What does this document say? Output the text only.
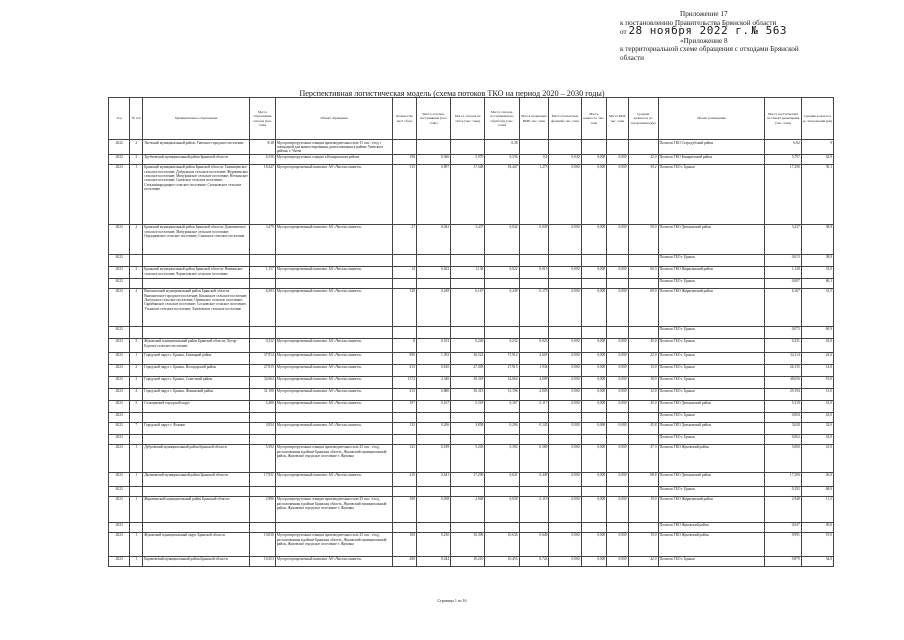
Приложение 17
к постановлению Правительства Брянской области
от 28 ноября 2022 г. № 563
«Приложение 8
к территориальной схеме обращения с отходами Брянской
области
Перспективная логистическая модель (схема потоков ТКО на период 2020 – 2030 годы)
Год	№ п/п	Муниципальное образование	Масса образования отходов (тыс. тонн)	Объект обращения	Количество мест сбора	Масса отходов, поступившая (тыс. тонн)	Масса отходов на отбор (тыс. тонн)	Масса отходов, поступившая на обработку (тыс. тонн)	Масса вторичных ВМР, тыс. тонн	Масса балластных фракций, тыс. тонн	Масса компоста, тыс. тонн	Масса RDF, тыс. тонн	Средняя дальность до захоронения (км)	Объект размещения	Масса поступающих на объект размещения (тыс. тонн)	Средняя дальность до захоронения (км)
2022	2	Унечский муниципальный район, Унечское городское поселение	8,38	Мусороперегрузочная станция производительностью 15 тыс. т/год с площадкой для компостирования, расположенная в районе Унечского района, г. Унеча				8,38						Полигон ТКО Стародубский район	6,82	9
2022	3	Трубчевский муниципальный район Брянской области	6,336	Мусороперегрузочная станция в Комаричском районе	196	0,366	5,970	0,336	0,4	0,040	0,000	0,000	42,0	Полигон ТКО Комаричский район	5,797	62,9
2023	1	Брянский муниципальный район Брянской области: Глинищевское сельское поселение; Добрунское сельское поселение; Журиничское сельское поселение; Мичуринское сельское поселение; Нетьинское сельское поселение; Снежское сельское поселение; Стекляннорадицкое сельское поселение; Супоневское сельское поселение	18,447	Мусоросортировочный комплекс АО «Чистая планета»	315	0,897	17,548	18,447	1,275	0,000	0,000	0,000	39,2	Полигон ТБО г. Брянск	17,290	39,1
2023	2	Брянский муниципальный район Брянской области: Домашовское сельское поселение; Мичуринское сельское поселение; Отрадненское сельское поселение; Снежское сельское поселение	3,479	Мусоросортировочный комплекс АО «Чистая планета»	27	0,042	3,437	0,042	0,039	0,000	0,000	0,000	50,0	Полигон ТКО Дятьковский район	3,437	38,8
2023														Полигон ТБО г. Брянск	0,013	38,8
2023	3	Брянский муниципальный район Брянской области: Навлинское сельское поселение; Чернетовское сельское поселение	1,157	Мусоросортировочный комплекс АО «Чистая планета»	14	0,022	1,136	0,022	0,015	0,000	0,000	0,000	60,3	Полигон ТКО Жирятинский район	1,128	33,0
2023														Полигон ТБО г. Брянск	0,007	60,1
2023	4	Выгоничский муниципальный район Брянской области: Выгоничское городское поселение; Кокинское сельское поселение; Лопушское сельское поселение; Орменское сельское поселение; Скрябинское сельское поселение; Сосновское сельское поселение; Утынское сельское поселение; Хмелевское сельское поселение	6,393	Мусоросортировочный комплекс АО «Чистая планета»	129	0,249	6,167	0,249	0,175	0,000	0,000	0,000	60,9	Полигон ТКО Жирятинский район	6,167	31,5
2023														Полигон ТБО г. Брянск	0,075	60,9
2023	5	Жуковский муниципальный район Брянской области, Хутор-Борское сельское поселение	0,232	Мусоросортировочный комплекс АО «Чистая планета»	8	0,013	0,240	0,232	0,023	0,000	0,000	0,000	45,0	Полигон ТБО г. Брянск	0,231	45,0
2023	1	Городской округ г. Брянск, Бежицкий район	37,914	Мусоросортировочный комплекс АО «Чистая планета»	890	1,392	36,522	37,914	2,601	0,000	0,000	0,000	22,0	Полигон ТБО г. Брянск	34,114	24,0
2023	2	Городской округ г. Брянск, Володарский район	27,915	Мусоросортировочный комплекс АО «Чистая планета»	415	0,610	27,305	27,915	1,934	0,000	0,000	0,000	13,0	Полигон ТБО г. Брянск	26,135	14,0
2023	3	Городской округ г. Брянск, Советский район	32,664	Мусоросортировочный комплекс АО «Чистая планета»	1372	2,346	30,318	32,664	4,009	0,000	0,000	0,000	18,0	Полигон ТБО г. Брянск	48,656	19,0
2023	4	Городской округ г. Брянск, Фокинский район	31,196	Мусоросортировочный комплекс АО «Чистая планета»	415	0,880	30,315	31,196	2,003	0,000	0,000	0,000	12,0	Полигон ТБО г. Брянск	29,194	13,0
2023	5	Сельцовский городской округ	5,486	Мусоросортировочный комплекс АО «Чистая планета»	107	0,167	5,318	0,167	0,117	0,000	0,000	0,000	45,0	Полигон ТКО Дятьковский район	5,318	31,0
2023														Полигон ТБО г. Брянск	0,004	43,0
2023	7	Городской округ г. Фокино	3,834	Мусоросортировочный комплекс АО «Чистая планета»	132	0,206	3,858	0,296	0,145	0,000	0,000	0,000	45,8	Полигон ТКО Дятьковский район	3,628	32,0
2023														Полигон ТБО г. Брянск	0,062	43,0
2023	1	Дубровский муниципальный район Брянской области	5,392	Мусороперегрузочная станция производительностью 25 тыс. т/год, расположенная в районе Брянская область, Жуковский муниципальный район, Жуковское городское поселение г. Жуковка	121	0,189	5,203	5,392	0,369	0,000	0,000	0,000	47,3	Полигон ТКО Жуковский район	5,000	41,0
2023	1	Дятьковский муниципальный район Брянской области	17,931	Мусоросортировочный комплекс АО «Чистая планета»	410	0,641	17,290	0,641	0,449	0,000	0,000	0,000	68,8	Полигон ТКО Дятьковский район	17,290	26,0
2023														Полигон ТБО г. Брянск	0,192	68,0
2023	1	Жирятинский муниципальный район Брянской области	2,986	Мусороперегрузочная станция производительностью 25 тыс. т/год, расположенная в районе Брянская область, Жуковский муниципальный район, Жуковское городское поселение г. Жуковка	100	0,038	2,948	0,038	0,119	0,000	0,000	0,000	19,0	Полигон ТКО Жирятинский район	2,948	11,5
2023														Полигон ТКО Жуковский район	0,047	49,0
2023	1	Жуковский муниципальный округ Брянской области	10,636	Мусороперегрузочная станция производительностью 25 тыс. т/год, расположенная в районе Брянская область, Жуковский муниципальный район, Жуковское городское поселение г. Жуковка	100	0,230	10,396	10,636	0,640	0,000	0,000	0,000	19,0	Полигон ТКО Жуковский район	9,991	19,0
2023	1	Карачевский муниципальный район Брянской области	10,453	Мусоросортировочный комплекс АО «Чистая планета»	280	0,444	10,210	10,453	0,724	0,000	0,000	0,000	42,0	Полигон ТБО г. Брянск	9,879	34,0
Страница 1 из 16
